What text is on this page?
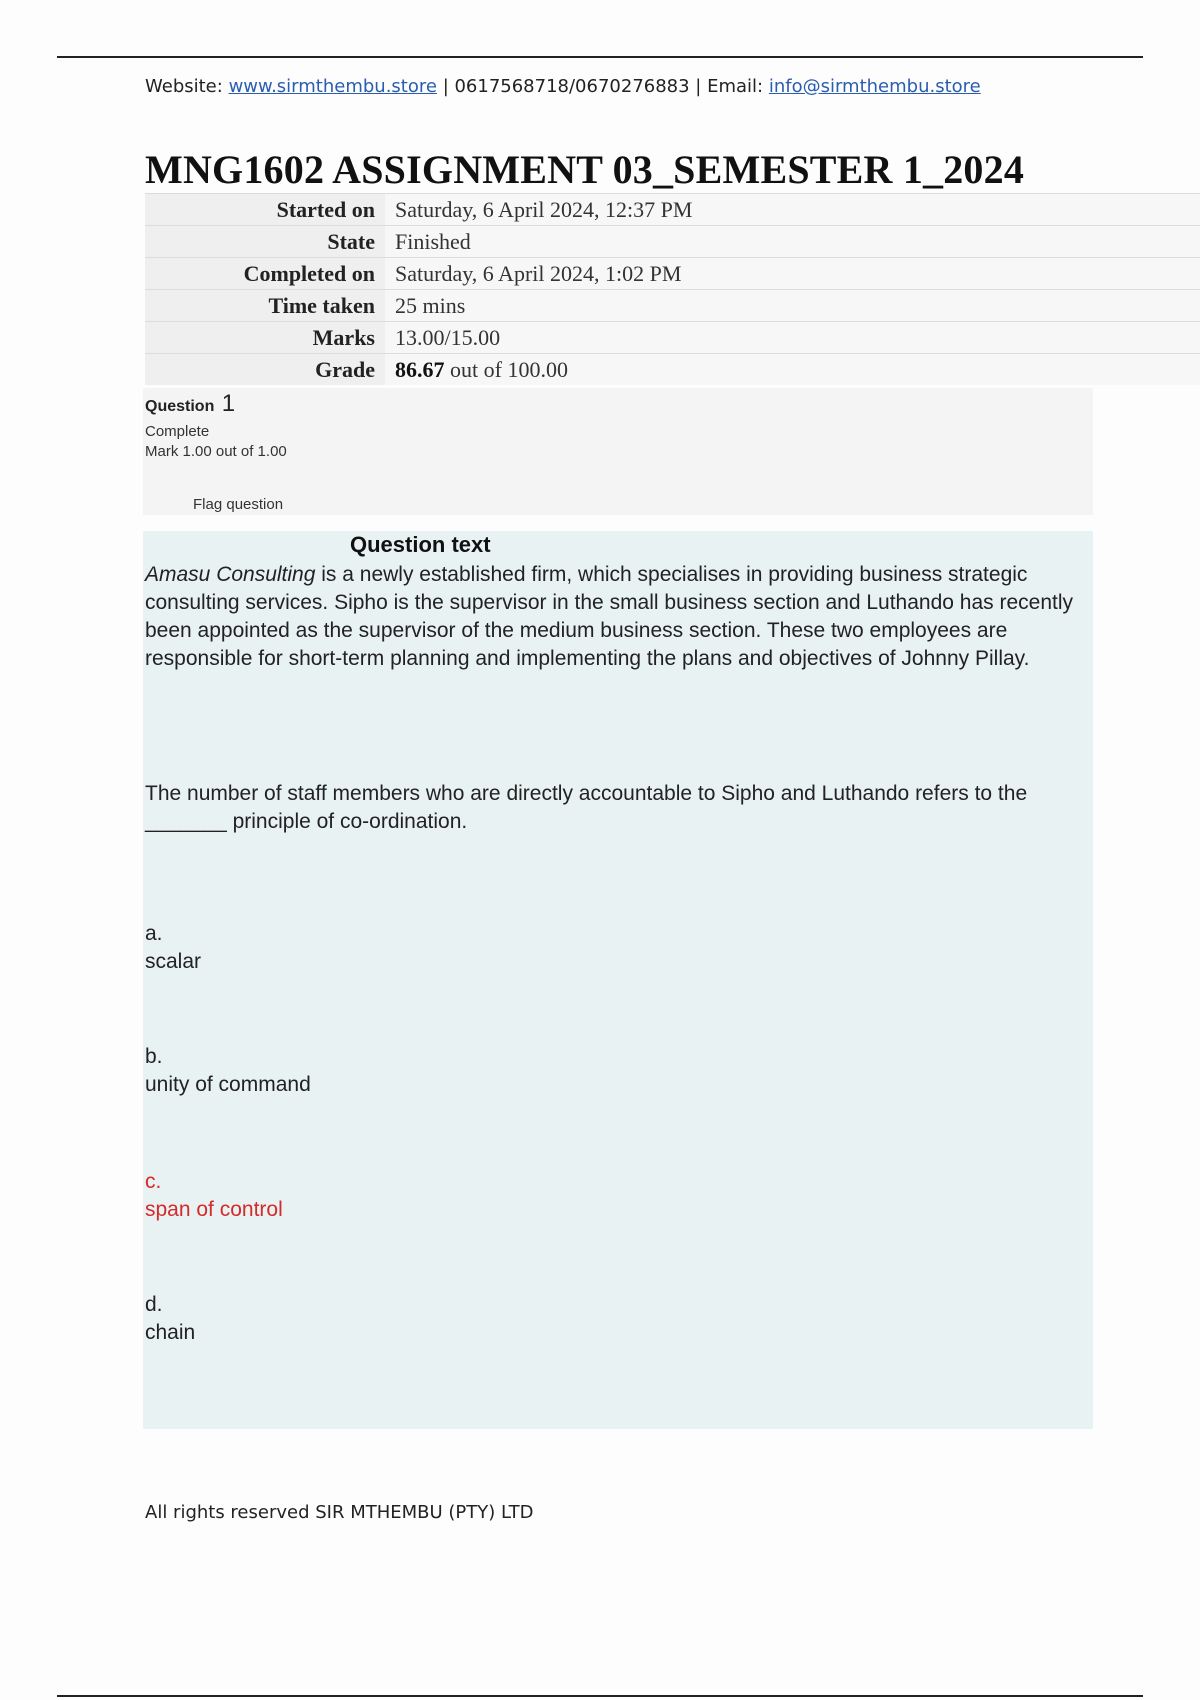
Website: www.sirmthembu.store | 0617568718/0670276883 | Email: info@sirmthembu.store
MNG1602 ASSIGNMENT 03_SEMESTER 1_2024
Started on	Saturday, 6 April 2024, 12:37 PM
State	Finished
Completed on	Saturday, 6 April 2024, 1:02 PM
Time taken	25 mins
Marks	13.00/15.00
Grade	86.67 out of 100.00
Question 1
Complete
Mark 1.00 out of 1.00
Flag question
Question text

Amasu Consulting is a newly established firm, which specialises in providing business strategic consulting services. Sipho is the supervisor in the small business section and Luthando has recently been appointed as the supervisor of the medium business section. These two employees are responsible for short-term planning and implementing the plans and objectives of Johnny Pillay.

The number of staff members who are directly accountable to Sipho and Luthando refers to the _______ principle of co-ordination.

a.
scalar
b.
unity of command
c.
span of control
d.
chain
All rights reserved SIR MTHEMBU (PTY) LTD
